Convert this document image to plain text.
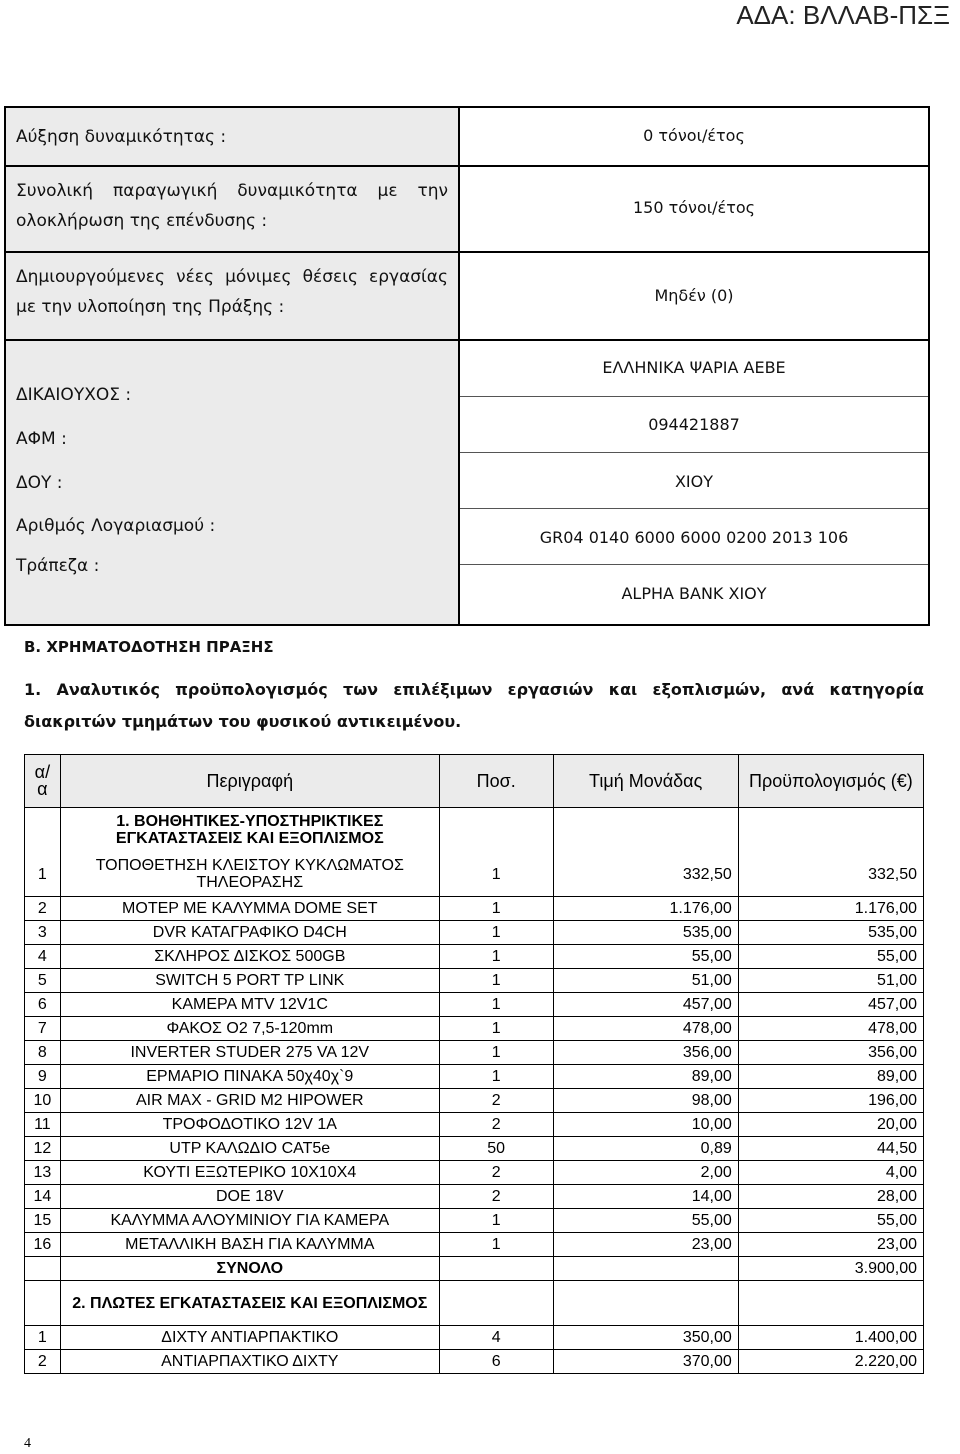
ΑΔΑ: ΒΛΛΑΒ-ΠΣΞ
Αύξηση δυναμικότητας :	0 τόνοι/έτος
Συνολική παραγωγική δυναμικότητα με την ολοκλήρωση της επένδυσης :
150 τόνοι/έτος
Δημιουργούμενες νέες μόνιμες θέσεις εργασίας με την υλοποίηση της Πράξης :
Μηδέν (0)
ΔΙΚΑΙΟΥΧΟΣ :
ΕΛΛΗΝΙΚΑ ΨΑΡΙΑ ΑΕΒΕ
ΑΦΜ :
094421887
ΔΟΥ :	ΧΙΟΥ
Αριθμός Λογαριασμού :
GR04 0140 6000 6000 0200 2013 106
Τράπεζα :
ALPHA BANK ΧΙΟΥ
Β. ΧΡΗΜΑΤΟΔΟΤΗΣΗ ΠΡΑΞΗΣ
1. Αναλυτικός προϋπολογισμός των επιλέξιμων εργασιών και εξοπλισμών, ανά κατηγορία διακριτών τμημάτων του φυσικού αντικειμένου.
α/α	Περιγραφή	Ποσ.	Τιμή Μονάδας	Προϋπολογισμός (€)
	1. ΒΟΗΘΗΤΙΚΕΣ-ΥΠΟΣΤΗΡΙΚΤΙΚΕΣ ΕΓΚΑΤΑΣΤΑΣΕΙΣ ΚΑΙ ΕΞΟΠΛΙΣΜΟΣ			
1	ΤΟΠΟΘΕΤΗΣΗ ΚΛΕΙΣΤΟΥ ΚΥΚΛΩΜΑΤΟΣ ΤΗΛΕΟΡΑΣΗΣ	1	332,50	332,50
2	ΜΟΤΕΡ ΜΕ ΚΑΛΥΜΜΑ DOME SET	1	1.176,00	1.176,00
3	DVR ΚΑΤΑΓΡΑΦΙΚΟ D4CH	1	535,00	535,00
4	ΣΚΛΗΡΟΣ ΔΙΣΚΟΣ 500GB	1	55,00	55,00
5	SWITCH 5 PORT TP LINK	1	51,00	51,00
6	ΚΑΜΕΡΑ MTV 12V1C	1	457,00	457,00
7	ΦΑΚΟΣ Ο2 7,5-120mm	1	478,00	478,00
8	INVERTER STUDER 275 VA 12V	1	356,00	356,00
9	ΕΡΜΑΡΙΟ ΠΙΝΑΚΑ 50χ40χ`9	1	89,00	89,00
10	AIR MAX - GRID M2 HIPOWER	2	98,00	196,00
11	ΤΡΟΦΟΔΟΤΙΚΟ 12V 1A	2	10,00	20,00
12	UTP ΚΑΛΩΔΙΟ CAT5e	50	0,89	44,50
13	ΚΟΥΤΙ ΕΞΩΤΕΡΙΚΟ 10Χ10Χ4	2	2,00	4,00
14	DOE 18V	2	14,00	28,00
15	ΚΑΛΥΜΜΑ ΑΛΟΥΜΙΝΙΟΥ ΓΙΑ ΚΑΜΕΡΑ	1	55,00	55,00
16	ΜΕΤΑΛΛΙΚΗ ΒΑΣΗ ΓΙΑ ΚΑΛΥΜΜΑ	1	23,00	23,00
	ΣΥΝΟΛΟ			3.900,00
	2. ΠΛΩΤΕΣ ΕΓΚΑΤΑΣΤΑΣΕΙΣ ΚΑΙ ΕΞΟΠΛΙΣΜΟΣ			
1	ΔΙΧΤΥ ΑΝΤΙΑΡΠΑΚΤΙΚΟ	4	350,00	1.400,00
2	ΑΝΤΙΑΡΠΑΧΤΙΚΟ ΔΙΧΤΥ	6	370,00	2.220,00
4
